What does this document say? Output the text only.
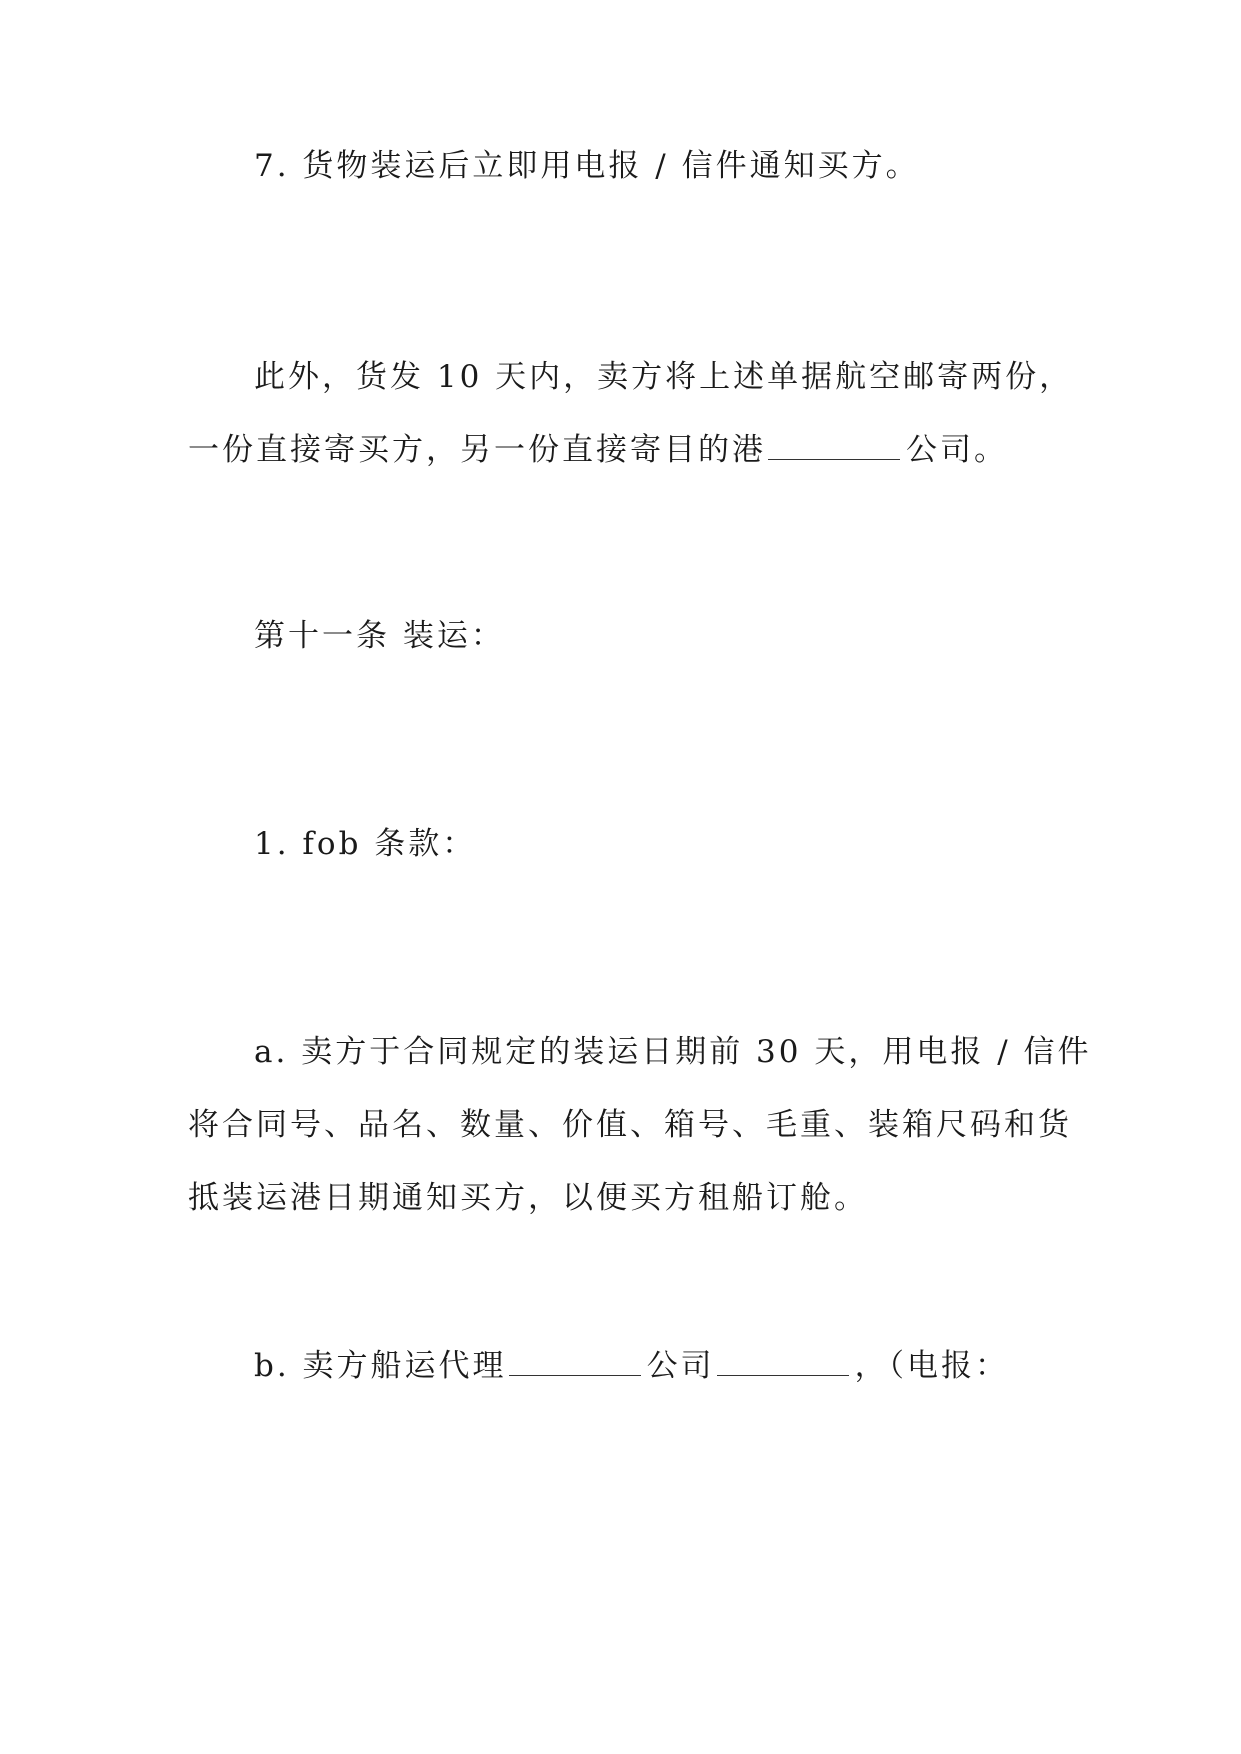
7. 货物装运后立即用电报 / 信件通知买方。

此外，货发 10 天内，卖方将上述单据航空邮寄两份，
一份直接寄买方，另一份直接寄目的港	公司。

第十一条 装运：

1. fob 条款：

a. 卖方于合同规定的装运日期前 30 天，用电报 / 信件
将合同号、品名、数量、价值、箱号、毛重、装箱尺码和货
抵装运港日期通知买方，以便买方租船订舱。

b. 卖方船运代理	公司	，（电报：
